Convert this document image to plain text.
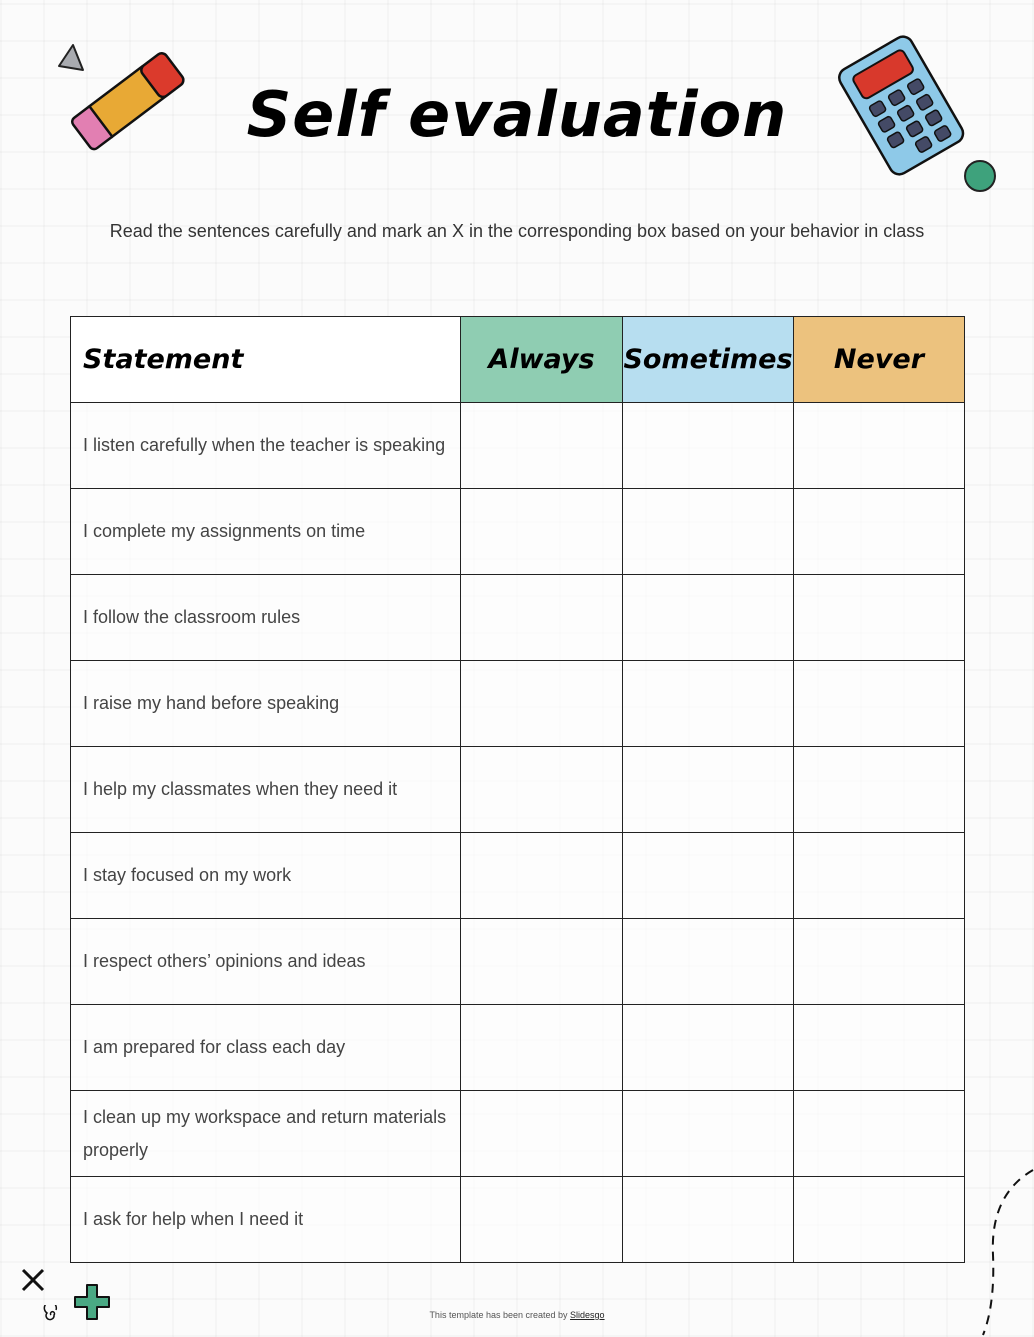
Self evaluation
Read the sentences carefully and mark an X in the corresponding box based on your behavior in class
Statement	Always	Sometimes	Never
I listen carefully when the teacher is speaking			
I complete my assignments on time			
I follow the classroom rules			
I raise my hand before speaking			
I help my classmates when they need it			
I stay focused on my work			
I respect others’ opinions and ideas			
I am prepared for class each day			
I clean up my workspace and return materials properly			
I ask for help when I need it			
This template has been created by Slidesgo
